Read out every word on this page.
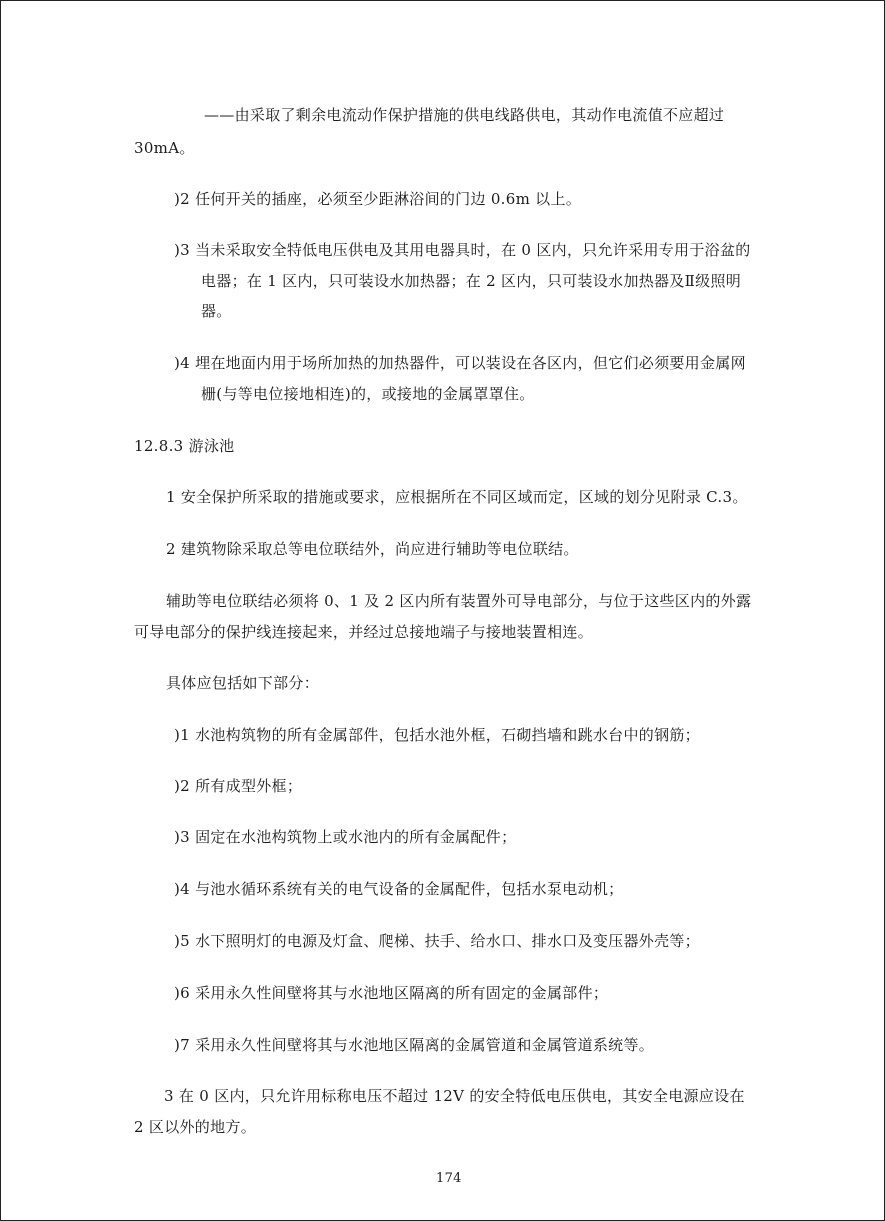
——由采取了剩余电流动作保护措施的供电线路供电，其动作电流值不应超过

30mA。

)2 任何开关的插座，必须至少距淋浴间的门边 0.6m 以上。

)3 当未采取安全特低电压供电及其用电器具时，在 0 区内，只允许采用专用于浴盆的

电器；在 1 区内，只可装设水加热器；在 2 区内，只可装设水加热器及Ⅱ级照明

器。

)4 埋在地面内用于场所加热的加热器件，可以装设在各区内，但它们必须要用金属网

栅(与等电位接地相连)的，或接地的金属罩罩住。

12.8.3 游泳池

1 安全保护所采取的措施或要求，应根据所在不同区域而定，区域的划分见附录 C.3。

2 建筑物除采取总等电位联结外，尚应进行辅助等电位联结。

辅助等电位联结必须将 0、1 及 2 区内所有装置外可导电部分，与位于这些区内的外露

可导电部分的保护线连接起来，并经过总接地端子与接地装置相连。

具体应包括如下部分：

)1 水池构筑物的所有金属部件，包括水池外框，石砌挡墙和跳水台中的钢筋；

)2 所有成型外框；

)3 固定在水池构筑物上或水池内的所有金属配件；

)4 与池水循环系统有关的电气设备的金属配件，包括水泵电动机；

)5 水下照明灯的电源及灯盒、爬梯、扶手、给水口、排水口及变压器外壳等；

)6 采用永久性间壁将其与水池地区隔离的所有固定的金属部件；

)7 采用永久性间壁将其与水池地区隔离的金属管道和金属管道系统等。

3 在 0 区内，只允许用标称电压不超过 12V 的安全特低电压供电，其安全电源应设在

2 区以外的地方。

174
